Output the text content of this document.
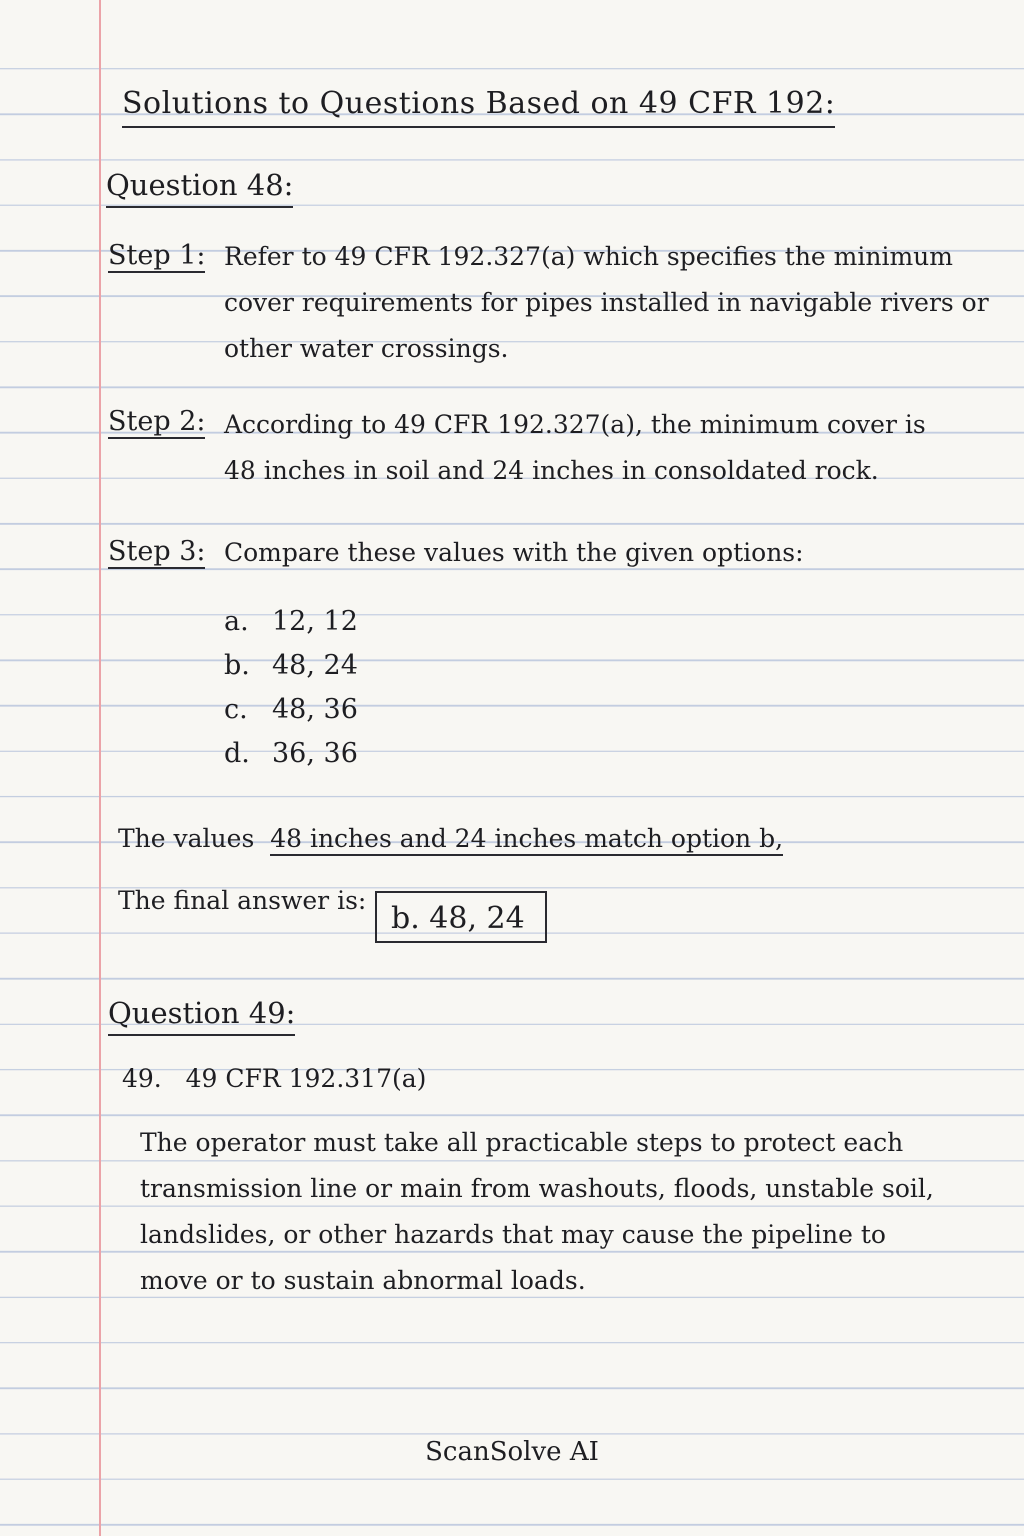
Solutions to Questions Based on 49 CFR 192:
Question 48:
Step 1: Refer to 49 CFR 192.327(a) which specifies the minimum

cover requirements for pipes installed in navigable rivers or

other water crossings.

Step 2: According to 49 CFR 192.327(a), the minimum cover is

48 inches in soil and 24 inches in consoldated rock.

Step 3: Compare these values with the given options:

a. 12, 12
b. 48, 24
c. 48, 36
d. 36, 36
The values 48 inches and 24 inches match option b,
The final answer is:
b. 48, 24
Question 49:
49. 49 CFR 192.317(a)

The operator must take all practicable steps to protect each

transmission line or main from washouts, floods, unstable soil,

landslides, or other hazards that may cause the pipeline to

move or to sustain abnormal loads.

ScanSolve AI
